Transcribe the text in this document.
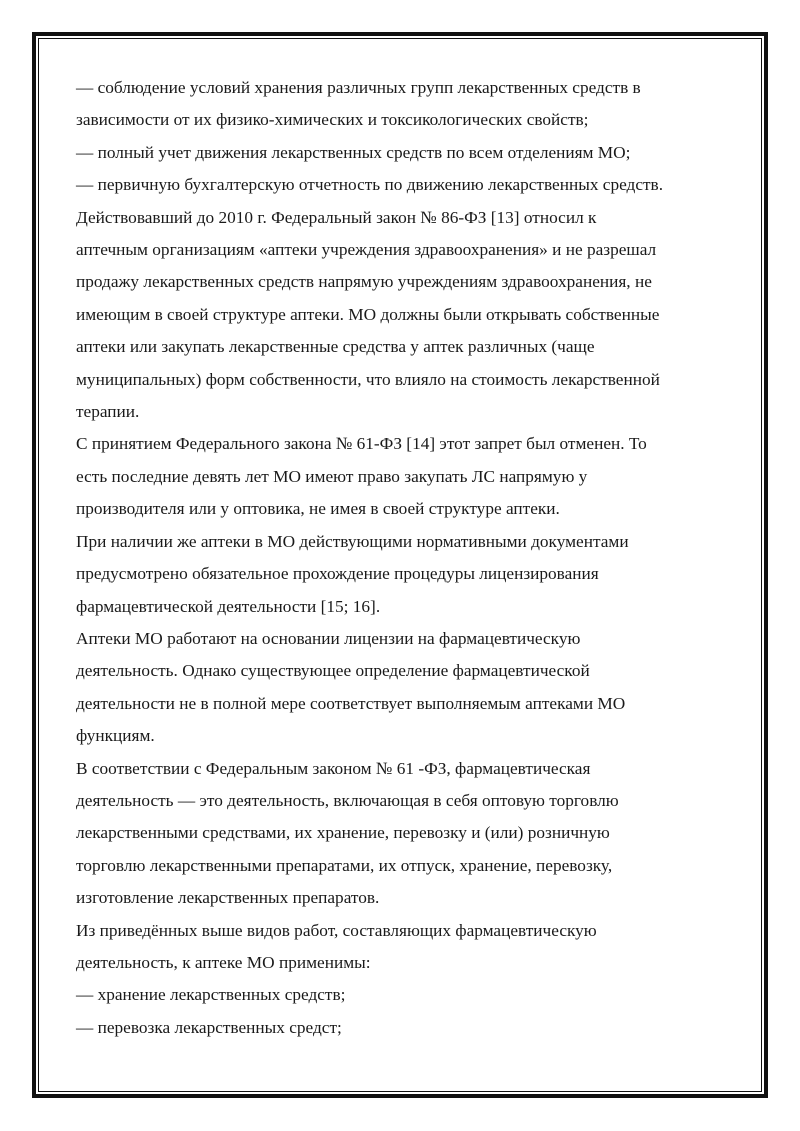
— соблюдение условий хранения различных групп лекарственных средств в
зависимости от их физико-химических и токсикологических свойств;
— полный учет движения лекарственных средств по всем отделениям МО;
— первичную бухгалтерскую отчетность по движению лекарственных средств.
Действовавший до 2010 г. Федеральный закон № 86-ФЗ [13] относил к
аптечным организациям «аптеки учреждения здравоохранения» и не разрешал
продажу лекарственных средств напрямую учреждениям здравоохранения, не
имеющим в своей структуре аптеки. МО должны были открывать собственные
аптеки или закупать лекарственные средства у аптек различных (чаще
муниципальных) форм собственности, что влияло на стоимость лекарственной
терапии.
С принятием Федерального закона № 61-ФЗ [14] этот запрет был отменен. То
есть последние девять лет МО имеют право закупать ЛС напрямую у
производителя или у оптовика, не имея в своей структуре аптеки.
При наличии же аптеки в МО действующими нормативными документами
предусмотрено обязательное прохождение процедуры лицензирования
фармацевтической деятельности [15; 16].
Аптеки МО работают на основании лицензии на фармацевтическую
деятельность. Однако существующее определение фармацевтической
деятельности не в полной мере соответствует выполняемым аптеками МО
функциям.
В соответствии с Федеральным законом № 61 -ФЗ, фармацевтическая
деятельность — это деятельность, включающая в себя оптовую торговлю
лекарственными средствами, их хранение, перевозку и (или) розничную
торговлю лекарственными препаратами, их отпуск, хранение, перевозку,
изготовление лекарственных препаратов.
Из приведённых выше видов работ, составляющих фармацевтическую
деятельность, к аптеке МО применимы:
— хранение лекарственных средств;
— перевозка лекарственных средст;
